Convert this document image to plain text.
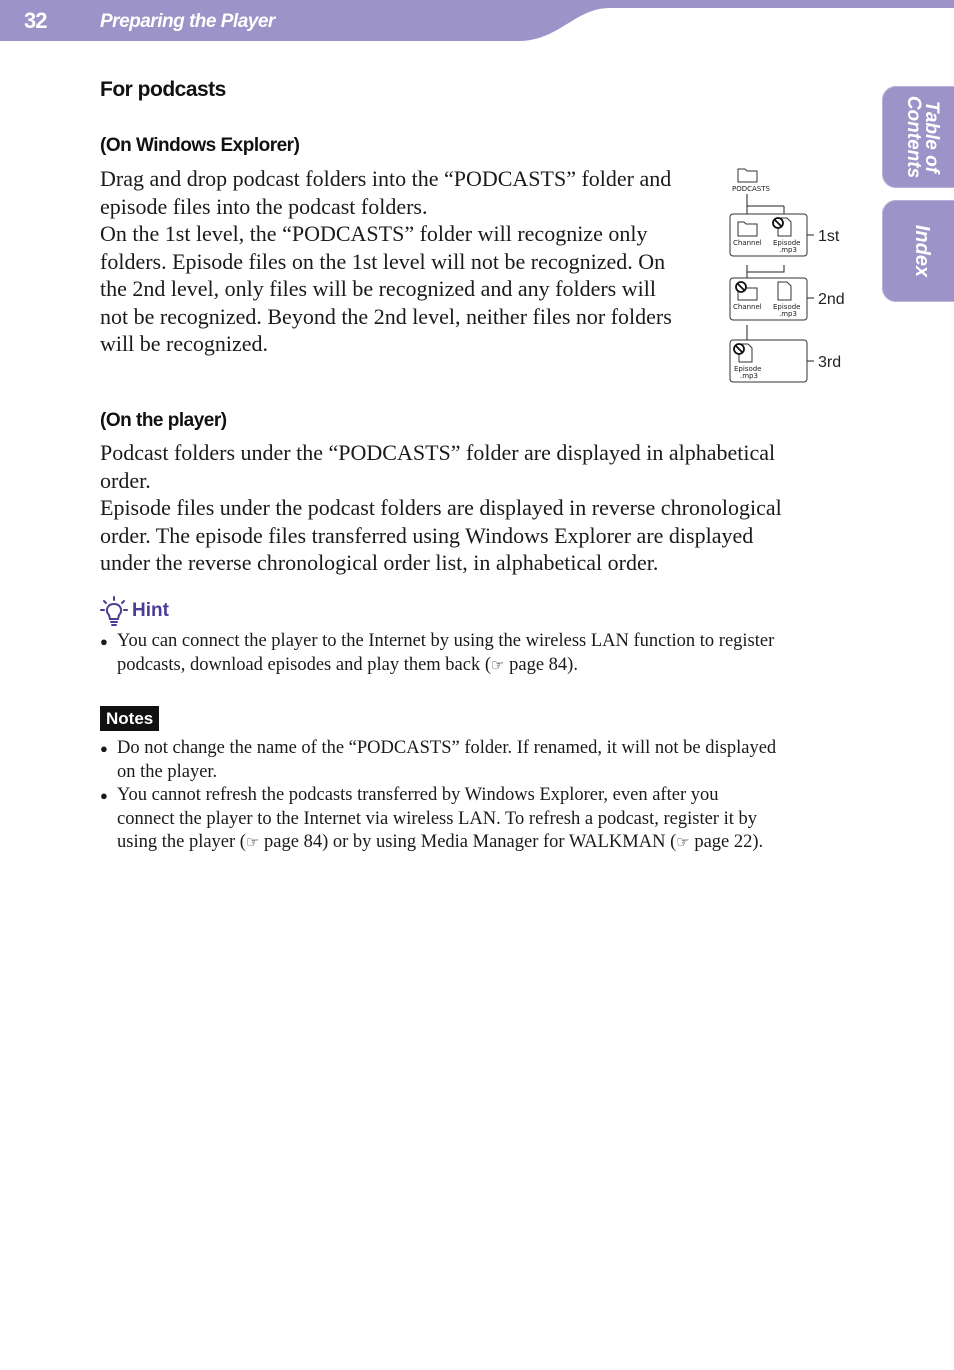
32	Preparing the Player
Table of Contents
Index
For podcasts
(On Windows Explorer)
Drag and drop podcast folders into the “PODCASTS” folder and
episode files into the podcast folders.
On the 1st level, the “PODCASTS” folder will recognize only
folders. Episode files on the 1st level will not be recognized. On
the 2nd level, only files will be recognized and any folders will
not be recognized. Beyond the 2nd level, neither files nor folders
will be recognized.
PODCASTS
Channel Episode
.mp3
1st
Channel Episode
.mp3
2nd
Episode
.mp3
3rd
(On the player)
Podcast folders under the “PODCASTS” folder are displayed in alphabetical
order.
Episode files under the podcast folders are displayed in reverse chronological
order. The episode files transferred using Windows Explorer are displayed
under the reverse chronological order list, in alphabetical order.
Hint
● You can connect the player to the Internet by using the wireless LAN function to register
podcasts, download episodes and play them back (☞ page 84).
Notes
● Do not change the name of the “PODCASTS” folder. If renamed, it will not be displayed
on the player.
● You cannot refresh the podcasts transferred by Windows Explorer, even after you
connect the player to the Internet via wireless LAN. To refresh a podcast, register it by
using the player (☞ page 84) or by using Media Manager for WALKMAN (☞ page 22).
